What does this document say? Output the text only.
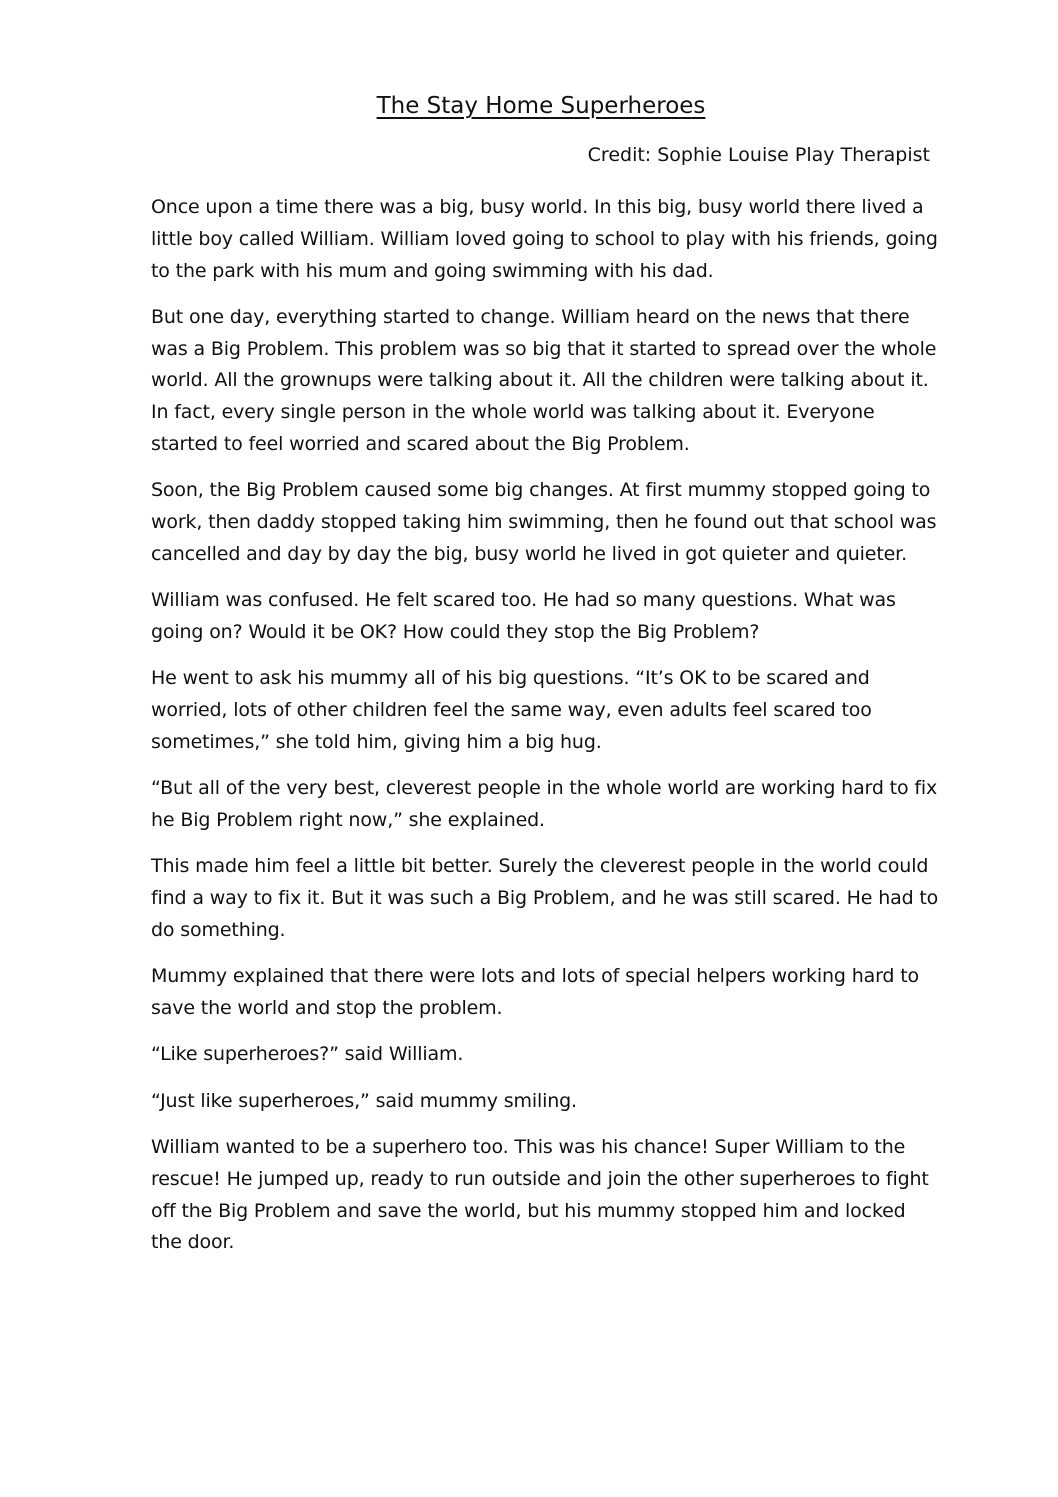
The Stay Home Superheroes

Credit: Sophie Louise Play Therapist

Once upon a time there was a big, busy world. In this big, busy world there lived a little boy called William. William loved going to school to play with his friends, going to the park with his mum and going swimming with his dad.

But one day, everything started to change. William heard on the news that there was a Big Problem. This problem was so big that it started to spread over the whole world. All the grownups were talking about it. All the children were talking about it. In fact, every single person in the whole world was talking about it. Everyone started to feel worried and scared about the Big Problem.

Soon, the Big Problem caused some big changes. At first mummy stopped going to work, then daddy stopped taking him swimming, then he found out that school was cancelled and day by day the big, busy world he lived in got quieter and quieter.

William was confused. He felt scared too. He had so many questions. What was going on? Would it be OK? How could they stop the Big Problem?

He went to ask his mummy all of his big questions. “It’s OK to be scared and worried, lots of other children feel the same way, even adults feel scared too sometimes,” she told him, giving him a big hug.

“But all of the very best, cleverest people in the whole world are working hard to fix he Big Problem right now,” she explained.

This made him feel a little bit better. Surely the cleverest people in the world could find a way to fix it. But it was such a Big Problem, and he was still scared. He had to do something.

Mummy explained that there were lots and lots of special helpers working hard to save the world and stop the problem.

“Like superheroes?” said William.

“Just like superheroes,” said mummy smiling.

William wanted to be a superhero too. This was his chance! Super William to the rescue! He jumped up, ready to run outside and join the other superheroes to fight off the Big Problem and save the world, but his mummy stopped him and locked the door.
